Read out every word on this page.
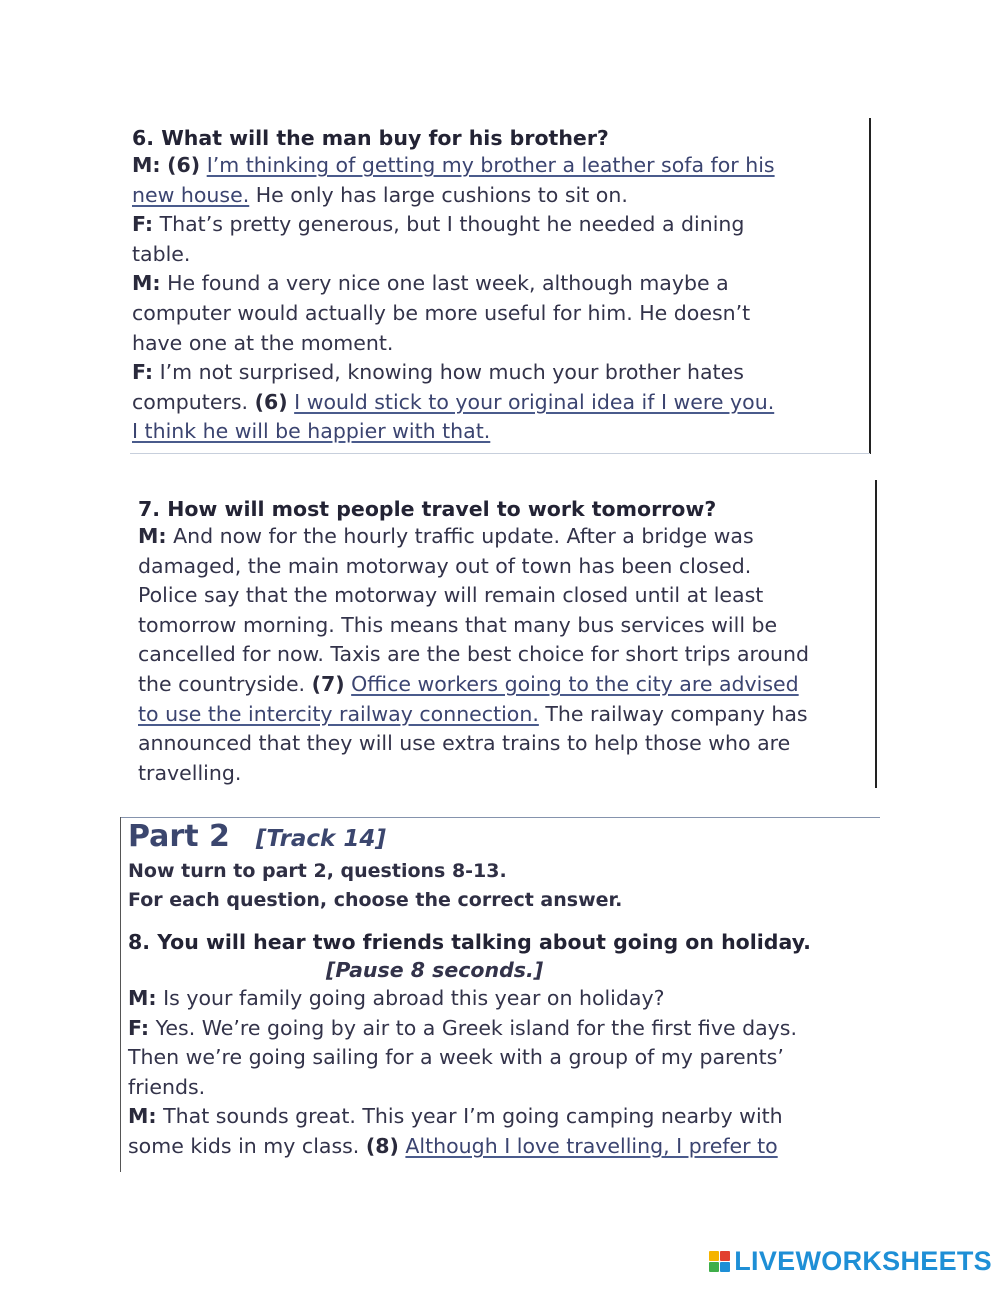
6. What will the man buy for his brother?
M: (6) I’m thinking of getting my brother a leather sofa for his
new house. He only has large cushions to sit on.
F: That’s pretty generous, but I thought he needed a dining
table.
M: He found a very nice one last week, although maybe a
computer would actually be more useful for him. He doesn’t
have one at the moment.
F: I’m not surprised, knowing how much your brother hates
computers. (6) I would stick to your original idea if I were you.
I think he will be happier with that.
7. How will most people travel to work tomorrow?
M: And now for the hourly traffic update. After a bridge was
damaged, the main motorway out of town has been closed.
Police say that the motorway will remain closed until at least
tomorrow morning. This means that many bus services will be
cancelled for now. Taxis are the best choice for short trips around
the countryside. (7) Office workers going to the city are advised
to use the intercity railway connection. The railway company has
announced that they will use extra trains to help those who are
travelling.
Part 2 [Track 14]
Now turn to part 2, questions 8-13.
For each question, choose the correct answer.
8. You will hear two friends talking about going on holiday.
[Pause 8 seconds.]
M: Is your family going abroad this year on holiday?
F: Yes. We’re going by air to a Greek island for the first five days.
Then we’re going sailing for a week with a group of my parents’
friends.
M: That sounds great. This year I’m going camping nearby with
some kids in my class. (8) Although I love travelling, I prefer to
LIVEWORKSHEETS
